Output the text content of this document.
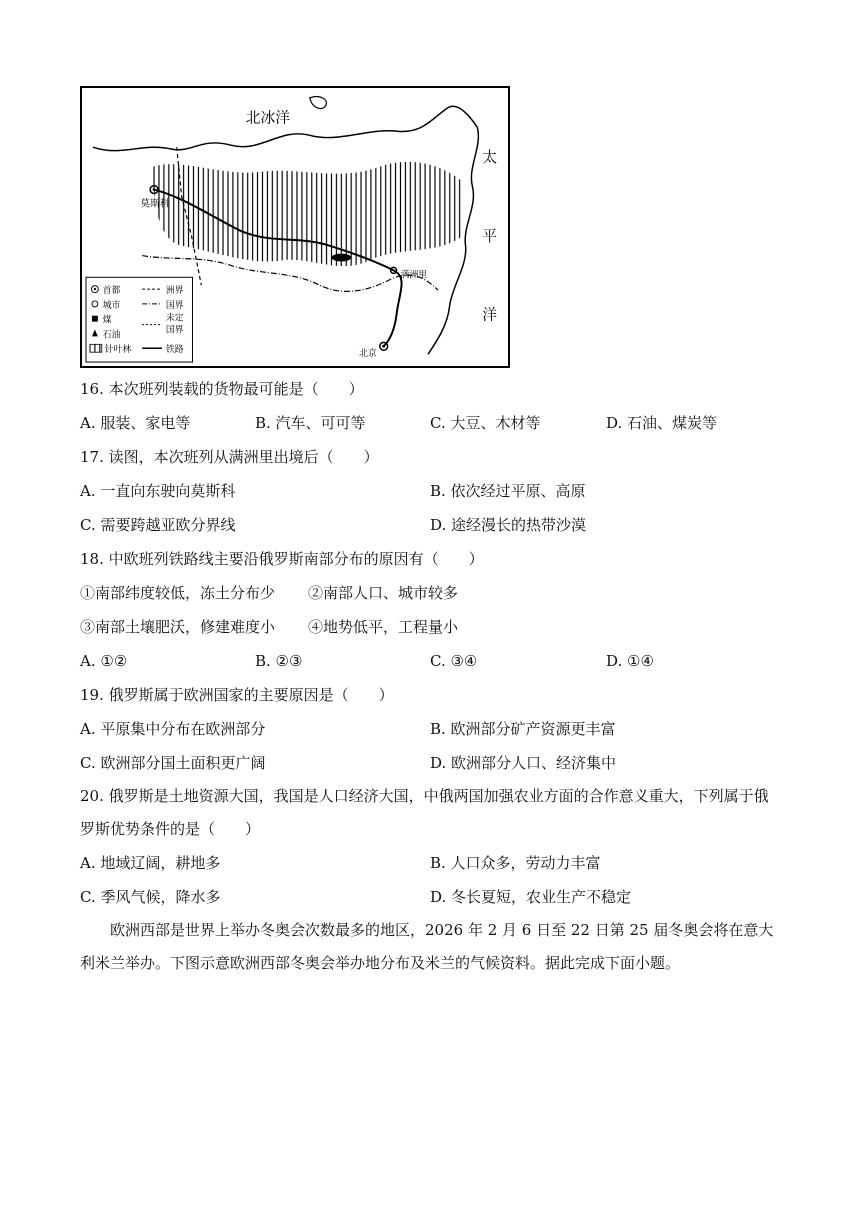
北冰洋
太
平
洋
莫斯科
满洲里
北京
首都
城市
煤
石油
针叶林
洲界
国界
未定
国界
铁路
16. 本次班列装载的货物最可能是（　　）
A. 服装、家电等	B. 汽车、可可等	C. 大豆、木材等	D. 石油、煤炭等
17. 读图，本次班列从满洲里出境后（　　）
A. 一直向东驶向莫斯科	B. 依次经过平原、高原
C. 需要跨越亚欧分界线	D. 途经漫长的热带沙漠
18. 中欧班列铁路线主要沿俄罗斯南部分布的原因有（　　）
①南部纬度较低，冻土分布少 ②南部人口、城市较多
③南部土壤肥沃，修建难度小 ④地势低平，工程量小
A. ①②	B. ②③	C. ③④	D. ①④
19. 俄罗斯属于欧洲国家的主要原因是（　　）
A. 平原集中分布在欧洲部分	B. 欧洲部分矿产资源更丰富
C. 欧洲部分国土面积更广阔	D. 欧洲部分人口、经济集中
20. 俄罗斯是土地资源大国，我国是人口经济大国，中俄两国加强农业方面的合作意义重大，下列属于俄罗斯优势条件的是（　　）
A. 地域辽阔，耕地多	B. 人口众多，劳动力丰富
C. 季风气候，降水多	D. 冬长夏短，农业生产不稳定
欧洲西部是世界上举办冬奥会次数最多的地区，2026 年 2 月 6 日至 22 日第 25 届冬奥会将在意大利米兰举办。下图示意欧洲西部冬奥会举办地分布及米兰的气候资料。据此完成下面小题。
